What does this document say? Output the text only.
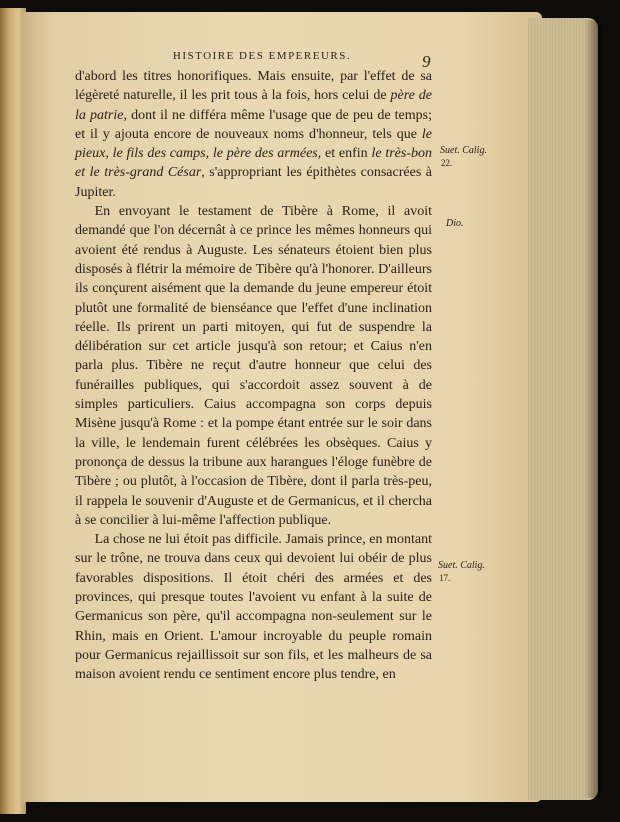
HISTOIRE DES EMPEREURS.	9

d'abord les titres honorifiques. Mais ensuite, par l'effet de sa légèreté naturelle, il les prit tous à la fois, hors celui de père de la patrie, dont il ne différa même l'usage que de peu de temps; et il y ajouta encore de nouveaux noms d'honneur, tels que le pieux, le fils des camps, le père des armées, et enfin le très-bon et le très-grand César, s'appropriant les épithètes consacrées à Jupiter.

En envoyant le testament de Tibère à Rome, il avoit demandé que l'on décernât à ce prince les mêmes honneurs qui avoient été rendus à Auguste. Les sénateurs étoient bien plus disposés à flétrir la mémoire de Tibère qu'à l'honorer. D'ailleurs ils conçurent aisément que la demande du jeune empereur étoit plutôt une formalité de bienséance que l'effet d'une inclination réelle. Ils prirent un parti mitoyen, qui fut de suspendre la délibération sur cet article jusqu'à son retour; et Caius n'en parla plus. Tibère ne reçut d'autre honneur que celui des funérailles publiques, qui s'accordoit assez souvent à de simples particuliers. Caius accompagna son corps depuis Misène jusqu'à Rome : et la pompe étant entrée sur le soir dans la ville, le lendemain furent célébrées les obsèques. Caius y prononça de dessus la tribune aux harangues l'éloge funèbre de Tibère ; ou plutôt, à l'occasion de Tibère, dont il parla très-peu, il rappela le souvenir d'Auguste et de Germanicus, et il chercha à se concilier à lui-même l'affection publique.

La chose ne lui étoit pas difficile. Jamais prince, en montant sur le trône, ne trouva dans ceux qui devoient lui obéir de plus favorables dispositions. Il étoit chéri des armées et des provinces, qui presque toutes l'avoient vu enfant à la suite de Germanicus son père, qu'il accompagna non-seulement sur le Rhin, mais en Orient. L'amour incroyable du peuple romain pour Germanicus rejaillissoit sur son fils, et les malheurs de sa maison avoient rendu ce sentiment encore plus tendre, en

Suet. Calig.
22.
Dio.
Suet. Calig.
17.
